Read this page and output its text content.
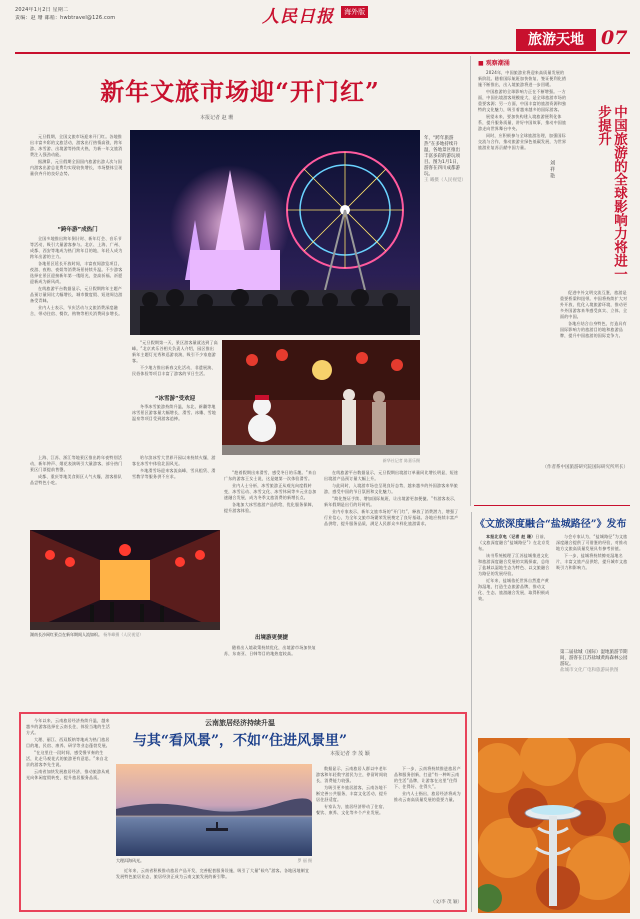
2024年1月2日 星期二
责编：赵 珊 邮箱：hwbtravel@126.com	人民日报 海外版
旅游天地 07
新年文旅市场迎“开门红”
本报记者 赵 珊

元旦假期，全国文旅市场迎来开门红。各地推出丰富多彩的文旅活动，游客出行热情高涨，跨年游、冰雪游、出境游等持续火热，为新一年文旅消费注入强劲动能。

据测算，元旦假期全国国内旅游出游人次与国内游客出游总花费均实现较快增长，市场整体呈现量价齐升的良好态势。

“跨年游”成热门

全国多地推出跨年倒计时、新年灯会、音乐节等活动，吸引大量游客参与。北京、上海、广州、成都、西安等地成为热门跨年目的地，年轻人成为跨年出游的主力。

各地景区延长开放时间，丰富夜间游览项目，夜游、夜购、夜娱等消费场景持续升温。不少游客选择在景区迎接新年第一缕阳光，登高祈福、祈愿迎新成为新风尚。

在线旅游平台数据显示，元旦假期跨年主题产品预订量同比大幅增长，城市微度假、短途周边游备受青睐。

业内人士表示，节庆活动与文旅消费深度融合，带动住宿、餐饮、购物等相关消费同步增长。

年，“跨年旅游热”在多地持续升温，各地景区推出丰富多彩的游玩项目。图为1月1日，游客在四川成都游玩。
王 曦摄（人民视觉）

“元旦假期第一天，景区游客量就达到了高峰。”北京欢乐谷相关负责人介绍，园区推出新年主题灯光秀和巡游表演，吸引不少家庭游客。

不少地方推出新春文化活动，非遗展演、民俗体验等项目丰富了游客的节日生活。

“冰雪游”受欢迎

冬季冰雪旅游持续升温，东北、新疆等地冰雪景区游客量大幅增长，滑雪、冰雕、雪地温泉等项目受到游客追捧。

新华社记者 陈嘉乐摄
湖南长沙网红景点在新年期间人流如织。 杨华峰摄（人民视觉）

上海、江苏、浙江等地景区推出跨年夜特别活动，新年钟声、烟花表演吸引大量游客，部分热门景区门票提前售罄。

成都、重庆等地美食街区人气火爆，游客排队品尝特色小吃。

哈尔滨冰雪大世界开园以来持续火爆，游客在冰雪中体验北国风光。

多地滑雪场迎来客流高峰，雪具租赁、滑雪教学等服务供不应求。

“趁着假期出来滑雪，感受冬日的乐趣。”来自广东的游客王女士说，这是她第一次体验滑雪。

业内人士分析，冰雪旅游正从观光向度假转变，冰雪运动、冰雪文化、冰雪休闲等多元业态加速融合发展，成为冬季文旅消费的新增长点。

各地加大冰雪旅游产品供给，优化服务保障，提升游客体验。

出境游更便捷

随着出入境政策持续优化，出境游市场加快复苏，东南亚、日韩等目的地热度较高。

在线旅游平台数据显示，元旦假期出境游订单量同比增长明显，短途出境游产品预订量大幅上升。

与此同时，入境游市场也呈现良好态势，越来越多的外国游客来华旅游，感受中国的节日氛围和文化魅力。

“简化签证手续、增加国际航班，让出境游更加便捷。”有游客表示，新年假期是出行的好时机。

业内专家表示，新年文旅市场的“开门红”，释放了消费潜力，增强了行业信心，为全年文旅市场繁荣发展奠定了良好基础。各地应持续丰富产品供给，提升服务品质，满足人民群众多样化旅游需求。

■ 观察潮涌
中国旅游的全球影响力将进一步提升
刘 祥 艳

2024年，中国旅游业将迎来高质量发展的新阶段。随着国际航班加快恢复、签证便利化措施不断推出，出入境旅游将进一步回暖。

中国旅游的全球影响力正在不断增强。一方面，中国出境游客规模庞大，是全球旅游市场的重要客源；另一方面，中国丰富的旅游资源和独特的文化魅力，吸引着越来越多的国际游客。

展望未来，要加快构建入境旅游便利化体系，提升服务质量，讲好中国故事，推动中国旅游走向世界舞台中央。

同时，应积极参与全球旅游治理，加强国际交流与合作，推动旅游业绿色低碳发展，为世界旅游业复苏贡献中国力量。

促进中外文明交流互鉴，旅游是重要桥梁和纽带。中国将持续扩大对外开放，优化入境旅游环境，推动更多外国游客来华感受真实、立体、全面的中国。

各地应结合自身特色，打造具有国际影响力的旅游目的地和旅游品牌，提升中国旅游的国际竞争力。

（作者系中国旅游研究院国际研究所所长）
《文旅深度融合“盐城路径”》发布

本报北京电（记者 赵 珊）日前，《文旅深度融合“盐城路径”》在北京发布。

该书系统梳理了江苏盐城推进文化和旅游深度融合发展的实践探索，总结了盐城以湿地生态为特色、以文旅融合为路径的发展经验。

近年来，盐城依托世界自然遗产黄海湿地，打造生态旅游品牌，推动文化、生态、旅游融合发展，取得积极成效。

与会专家认为，“盐城路径”为文旅深度融合提供了可借鉴的经验，对推动地方文旅高质量发展具有参考价值。

下一步，盐城将持续擦亮湿地名片，丰富文旅产品供给，提升城市文旅吸引力和影响力。

第二届盐城（国际）湿地旅游节期间，游客在江苏盐城黄海森林公园游玩。
盐城市文化广电和旅游局供图
云南旅居经济持续升温
与其“看风景”，不如“住进风景里”
本报记者 李 茂 颖

今年以来，云南旅居经济持续升温，越来越多的游客选择在云南长住，体验当地的生活方式。

大理、丽江、西双版纳等地成为热门旅居目的地，民宿、康养、研学等业态蓬勃发展。

“在这里住一段时间，感受慢节奏的生活，比走马观花式的旅游更有意思。”来自北京的游客李先生说。

云南省加快发展旅居经济，推动旅游从观光向休闲度假转变，提升旅居服务品质。

大理洱海风光。	罗 丽 摄

近年来，云南省积极推动旅居产品开发，完善配套服务设施，吸引了大量“候鸟”游客。各地因地制宜发展特色旅居业态，旅居经济正成为云南文旅发展的新引擎。

数据显示，云南旅居人群以中老年游客和年轻数字游民为主，停留时间较长，消费能力较强。

为吸引更多旅居游客，云南各地不断完善公共服务，丰富文化活动，提升居住舒适度。

专家认为，旅居经济带动了住宿、餐饮、康养、文化等多个产业发展。

下一步，云南将持续推进旅居产品和服务创新，打造“有一种叫云南的生活”品牌，让游客在这里“住得下、住得好、住得久”。

业内人士指出，旅居经济将成为推动云南高质量发展的重要力量。

（文/李 茂 颖）
